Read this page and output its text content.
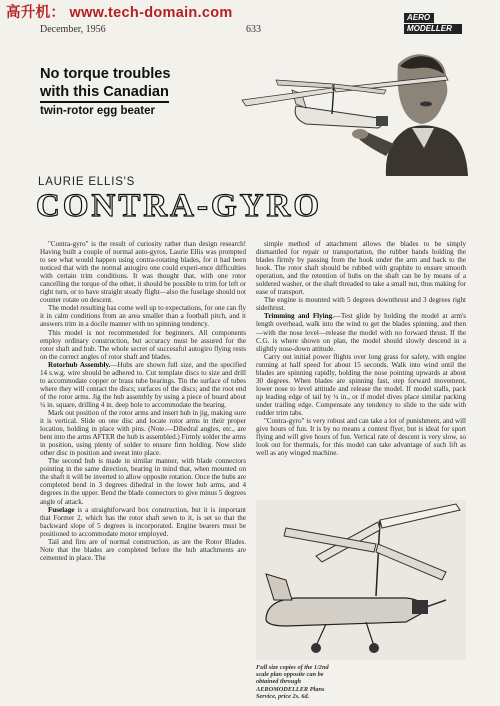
高升机： www.tech-domain.com
December, 1956	633
AERO
MODELLER
No torque troubles
with this Canadian
twin-rotor egg beater
LAURIE ELLIS'S
CONTRA-GYRO

"Contra-gyro" is the result of curiosity rather than design research! Having built a couple of normal auto-gyros, Laurie Ellis was prompted to see what would happen using contra-rotating blades, for it had been noticed that with the normal autogiro one could experi-ence difficulties with certain trim conditions. It was thought that, with one rotor cancelling the torque of the other, it should be possible to trim for left or right turn, or to have straight steady flight—also the fuselage should not counter rotate on descent.

The model resulting has come well up to expectations, for one can fly it in calm conditions from an area smaller than a football pitch, and it answers trim in a docile manner with no spinning tendency.

This model is not recommended for beginners. All components employ ordinary construction, but accuracy must be assured for the rotor shaft and hub. The whole secret of successful autogiro flying rests on the correct angles of rotor shaft and blades.

Rotorhub Assembly.—Hubs are shown full size, and the specified 14 s.w.g. wire should be adhered to. Cut template discs to size and drill to accommodate copper or brass tube bearings. Tin the surface of tubes where they will contact the discs; surfaces of the discs; and the root end of the rotor arms. Jig the hub assembly by using a piece of board about ¼ in. square, drilling 4 in. deep hole to accommodate the bearing.

Mark out position of the rotor arms and insert hub in jig, making sure it is vertical. Slide on one disc and locate rotor arms in their proper location, holding in place with pins. (Note.—Dihedral angles, etc., are bent into the arms AFTER the hub is assembled.) Firmly solder the arms in position, using plenty of solder to ensure firm holding. Now slide other disc in position and sweat into place.

The second hub is made in similar manner, with blade connectors pointing in the same direction, bearing in mind that, when mounted on the shaft it will be inverted to allow opposite rotation. Once the hubs are completed bend in 3 degrees dihedral in the lower hub arms, and 4 degrees in the upper. Bend the blade connectors to give minus 5 degrees angle of attack.

Fuselage is a straightforward box construction, but it is important that Former 2, which has the rotor shaft sewn to it, is set so that the backward slope of 5 degrees is incorporated. Engine bearers must be positioned to accommodate motor employed.

Tail and fins are of normal construction, as are the Rotor Blades. Note that the blades are completed before the hub attachments are cemented in place. The

simple method of attachment allows the blades to be simply dismantled for repair or transportation, the rubber bands holding the blades firmly by passing from the hook under the arm and back to the hook. The rotor shaft should be rubbed with graphite to ensure smooth operation, and the retention of hubs on the shaft can be by means of a soldered washer, or the shaft threaded to take a small nut, thus making for ease of transport.

The engine is mounted with 5 degrees downthrust and 3 degrees right sidethrust.

Trimming and Flying.—Test glide by holding the model at arm's length overhead, walk into the wind to get the blades spinning, and then—with the nose level—release the model with no forward thrust. If the C.G. is where shown on plan, the model should slowly descend in a slightly nose-down attitude.

Carry out initial power flights over long grass for safety, with engine running at half speed for about 15 seconds. Walk into wind until the blades are spinning rapidly, holding the nose pointing upwards at about 30 degrees. When blades are spinning fast, step forward movement, lower nose to level attitude and release the model. If model stalls, pack up leading edge of tail by ¼ in., or if model dives place similar packing under trailing edge. Compensate any tendency to slide to the side with rudder trim tabs.

"Contra-gyro" is very robust and can take a lot of punishment, and will give hours of fun. It is by no means a contest flyer, but is ideal for sport flying and will give hours of fun. Vertical rate of descent is very slow, so look out for thermals, for this model can take advantage of such lift as well as any winged machine.

Full size copies of the 1/2nd scale plan opposite can be obtained through AEROMODELLER Plans Service, price 2s. 6d.
